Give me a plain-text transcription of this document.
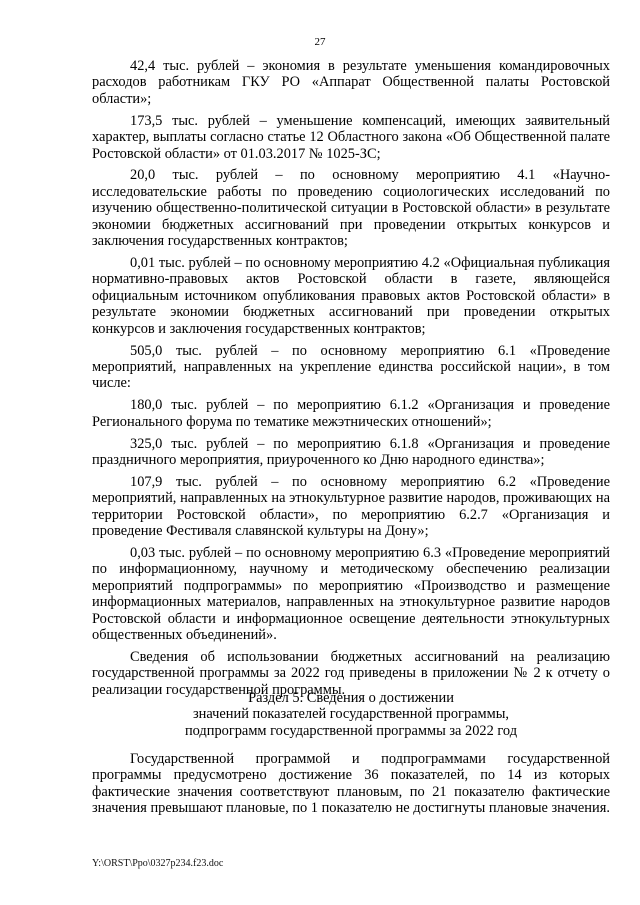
27

42,4 тыс. рублей – экономия в результате уменьшения командировочных расходов работникам ГКУ РО «Аппарат Общественной палаты Ростовской области»;

173,5 тыс. рублей – уменьшение компенсаций, имеющих заявительный характер, выплаты согласно статье 12 Областного закона «Об Общественной палате Ростовской области» от 01.03.2017 № 1025-ЗС;

20,0 тыс. рублей – по основному мероприятию 4.1 «Научно-исследовательские работы по проведению социологических исследований по изучению общественно-политической ситуации в Ростовской области» в результате экономии бюджетных ассигнований при проведении открытых конкурсов и заключения государственных контрактов;

0,01 тыс. рублей – по основному мероприятию 4.2 «Официальная публикация нормативно-правовых актов Ростовской области в газете, являющейся официальным источником опубликования правовых актов Ростовской области» в результате экономии бюджетных ассигнований при проведении открытых конкурсов и заключения государственных контрактов;

505,0 тыс. рублей – по основному мероприятию 6.1 «Проведение мероприятий, направленных на укрепление единства российской нации», в том числе:

180,0 тыс. рублей – по мероприятию 6.1.2 «Организация и проведение Регионального форума по тематике межэтнических отношений»;

325,0 тыс. рублей – по мероприятию 6.1.8 «Организация и проведение праздничного мероприятия, приуроченного ко Дню народного единства»;

107,9 тыс. рублей – по основному мероприятию 6.2 «Проведение мероприятий, направленных на этнокультурное развитие народов, проживающих на территории Ростовской области», по мероприятию 6.2.7 «Организация и проведение Фестиваля славянской культуры на Дону»;

0,03 тыс. рублей – по основному мероприятию 6.3 «Проведение мероприятий по информационному, научному и методическому обеспечению реализации мероприятий подпрограммы» по мероприятию «Производство и размещение информационных материалов, направленных на этнокультурное развитие народов Ростовской области и информационное освещение деятельности этнокультурных общественных объединений».

Сведения об использовании бюджетных ассигнований на реализацию государственной программы за 2022 год приведены в приложении № 2 к отчету о реализации государственной программы.

Раздел 5. Сведения о достижении
значений показателей государственной программы,
подпрограмм государственной программы за 2022 год

Государственной программой и подпрограммами государственной программы предусмотрено достижение 36 показателей, по 14 из которых фактические значения соответствуют плановым, по 21 показателю фактические значения превышают плановые, по 1 показателю не достигнуты плановые значения.

Y:\ORST\Ppo\0327p234.f23.doc
